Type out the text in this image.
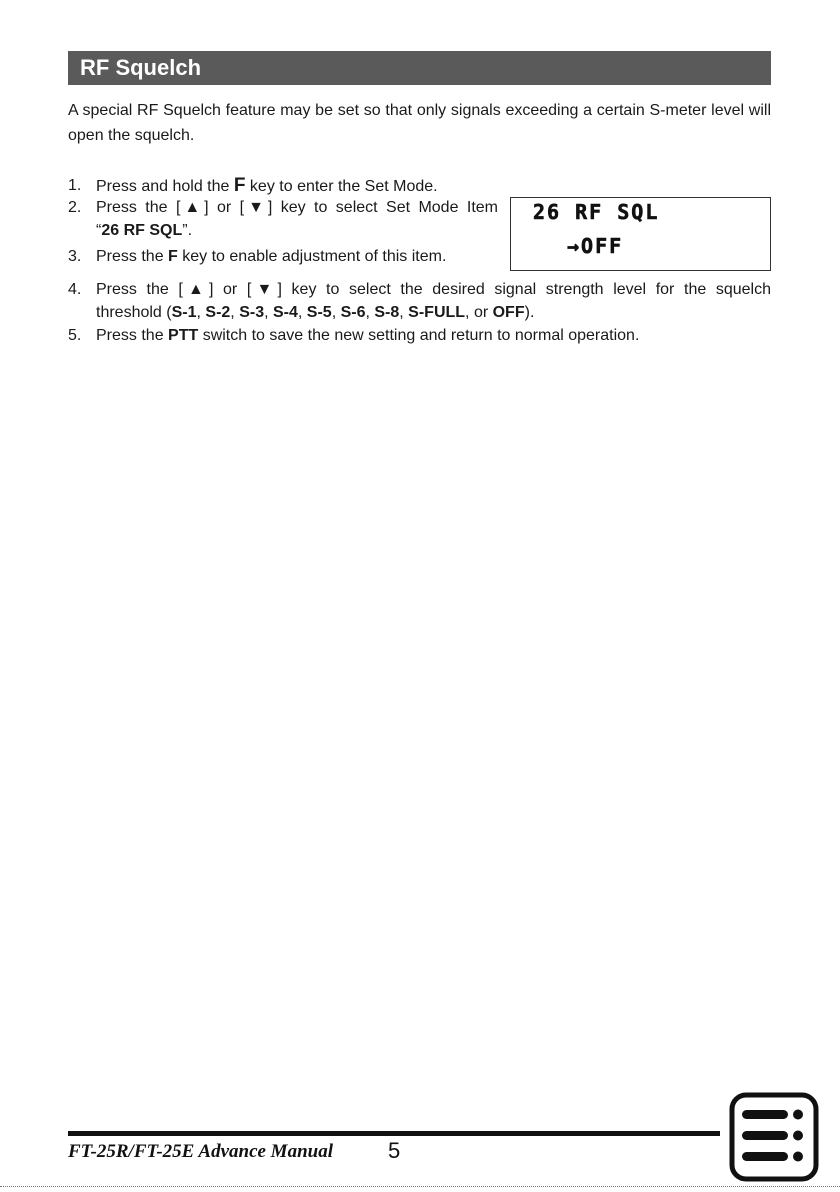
RF Squelch

A special RF Squelch feature may be set so that only signals exceeding a certain S-meter level will open the squelch.

1. Press and hold the F key to enter the Set Mode.
2. Press the [▲] or [▼] key to select Set Mode Item
“26 RF SQL”.
3. Press the F key to enable adjustment of this item.
26 RF SQL
→OFF
4. Press the [▲] or [▼] key to select the desired signal strength level for the squelch
threshold (S-1, S-2, S-3, S-4, S-5, S-6, S-8, S-FULL, or OFF).
5. Press the PTT switch to save the new setting and return to normal operation.
FT-25R/FT-25E Advance Manual	5
